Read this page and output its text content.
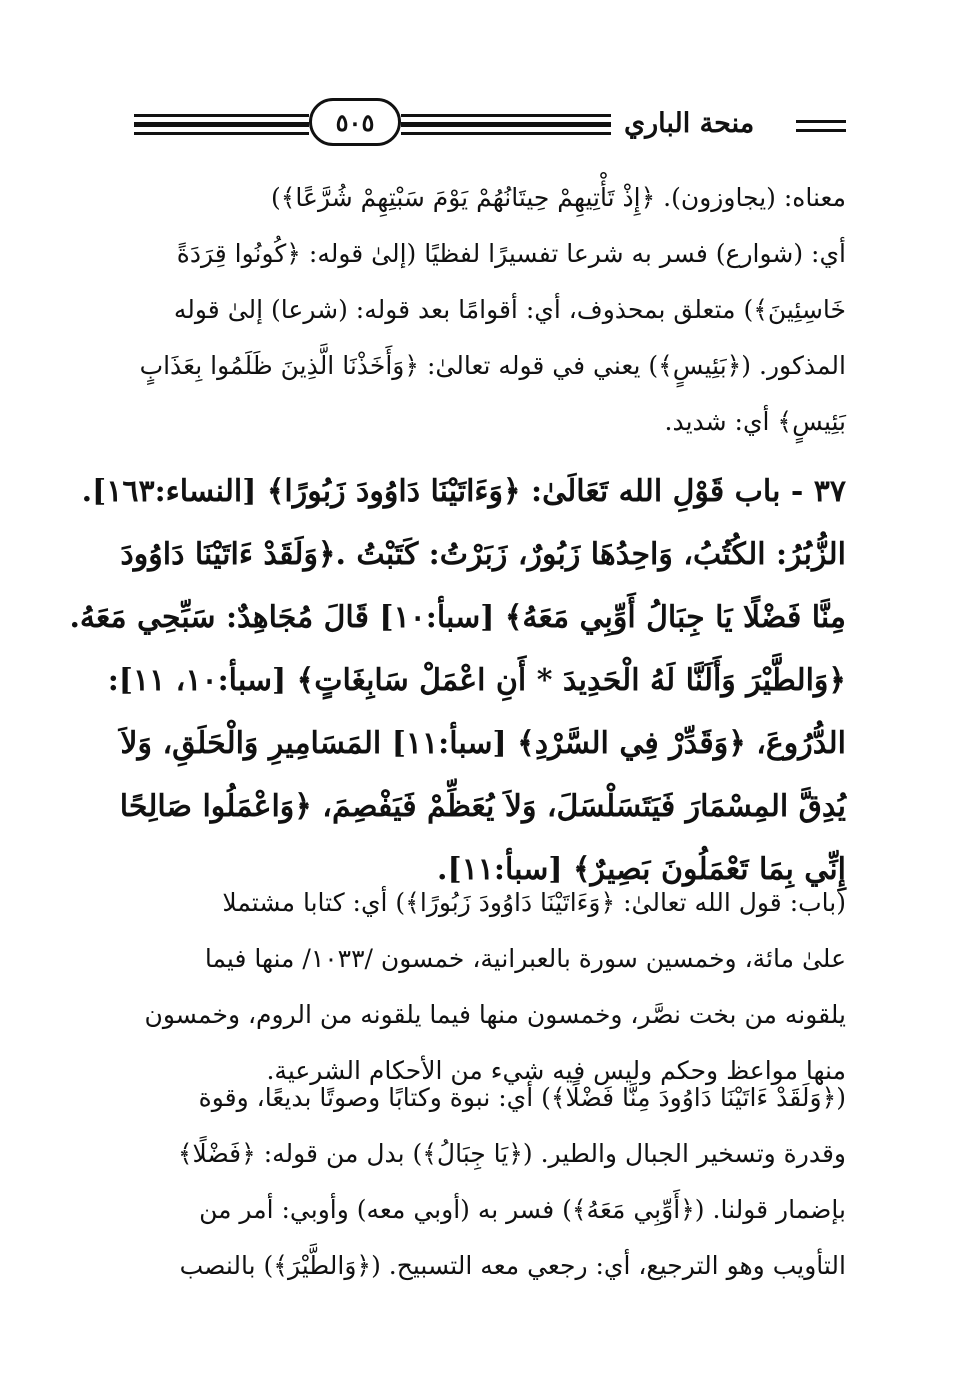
٥٠٥	منحة الباري
معناه: (يجاوزون). ﴿إِذْ تَأْتِيهِمْ حِيتَانُهُمْ يَوْمَ سَبْتِهِمْ شُرَّعًا﴾)
أي: (شوارع) فسر به شرعا تفسيرًا لفظيًا (إلىٰ قوله: ﴿كُونُوا قِرَدَةً
خَاسِئِينَ﴾) متعلق بمحذوف، أي: أقوامًا بعد قوله: (شرعا) إلىٰ قوله
المذكور. (﴿بَئِيسٍ﴾) يعني في قوله تعالىٰ: ﴿وَأَخَذْنَا الَّذِينَ ظَلَمُوا بِعَذَابٍ
بَئِيسٍ﴾ أي: شديد.
٣٧ - باب قَوْلِ الله تَعَالَىٰ: ﴿وَءَاتَيْنَا دَاوُودَ زَبُورًا﴾ [النساء:١٦٣].
الزُّبُرُ: الكُتُبُ، وَاحِدُهَا زَبُورٌ، زَبَرْتُ: كَتَبْتُ .﴿وَلَقَدْ ءَاتَيْنَا دَاوُودَ
مِنَّا فَضْلًا يَا جِبَالُ أَوِّبِي مَعَهُ﴾ [سبأ:١٠] قَالَ مُجَاهِدٌ: سَبِّحِي مَعَهُ.
﴿وَالطَّيْرَ وَأَلَنَّا لَهُ الْحَدِيدَ * أَنِ اعْمَلْ سَابِغَاتٍ﴾ [سبأ:١٠، ١١]:
الدُّرُوعَ، ﴿وَقَدِّرْ فِي السَّرْدِ﴾ [سبأ:١١] المَسَامِيرِ وَالْحَلَقِ، وَلاَ
يُدِقَّ المِسْمَارَ فَيَتَسَلْسَلَ، وَلاَ يُعَظِّمْ فَيَفْصِمَ، ﴿وَاعْمَلُوا صَالِحًا
إِنِّي بِمَا تَعْمَلُونَ بَصِيرٌ﴾ [سبأ:١١].
(باب: قول الله تعالىٰ: ﴿وَءَاتَيْنَا دَاوُودَ زَبُورًا﴾) أي: كتابا مشتملا
علىٰ مائة، وخمسين سورة بالعبرانية، خمسون /١٠٣٣/ منها فيما
يلقونه من بخت نصَّر، وخمسون منها فيما يلقونه من الروم، وخمسون
منها مواعظ وحكم وليس فيه شيء من الأحكام الشرعية.
(﴿وَلَقَدْ ءَاتَيْنَا دَاوُودَ مِنَّا فَضْلًا﴾) أي: نبوة وكتابًا وصوتًا بديعًا، وقوة
وقدرة وتسخير الجبال والطير. (﴿يَا جِبَالُ﴾) بدل من قوله: ﴿فَضْلًا﴾
بإضمار قولنا. (﴿أَوِّبِي مَعَهُ﴾) فسر به (أوبي معه) وأوبي: أمر من
التأويب وهو الترجيع، أي: رجعي معه التسبيح. (﴿وَالطَّيْرَ﴾) بالنصب
